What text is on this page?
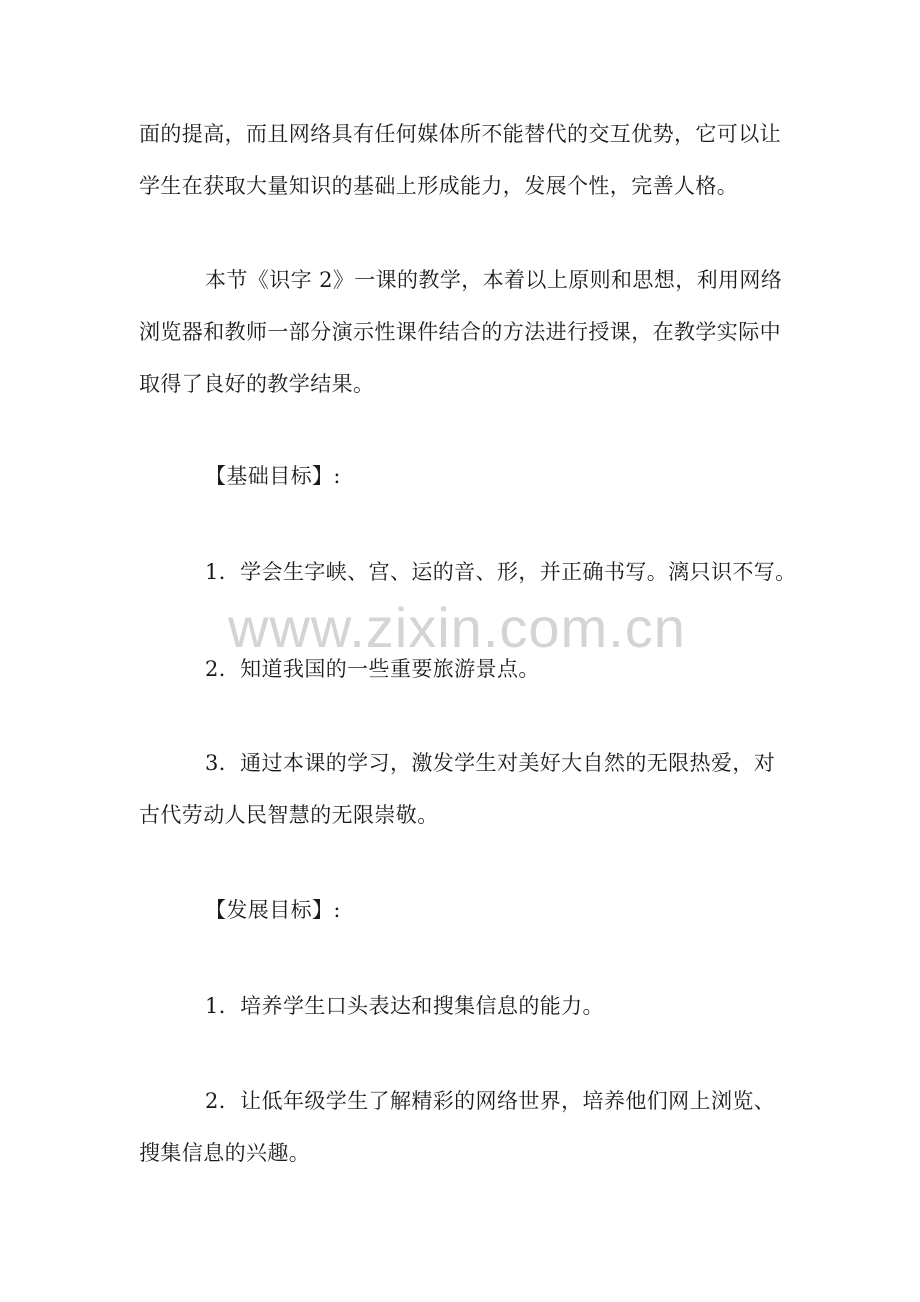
面的提高，而且网络具有任何媒体所不能替代的交互优势，它可以让
学生在获取大量知识的基础上形成能力，发展个性，完善人格。
本节《识字 2》一课的教学，本着以上原则和思想，利用网络
浏览器和教师一部分演示性课件结合的方法进行授课，在教学实际中
取得了良好的教学结果。
【基础目标】:
1．学会生字峡、宫、运的音、形，并正确书写。漓只识不写。
2．知道我国的一些重要旅游景点。
3．通过本课的学习，激发学生对美好大自然的无限热爱，对
古代劳动人民智慧的无限崇敬。
【发展目标】:
1．培养学生口头表达和搜集信息的能力。
2．让低年级学生了解精彩的网络世界，培养他们网上浏览、
搜集信息的兴趣。
www.zixin.com.cn
